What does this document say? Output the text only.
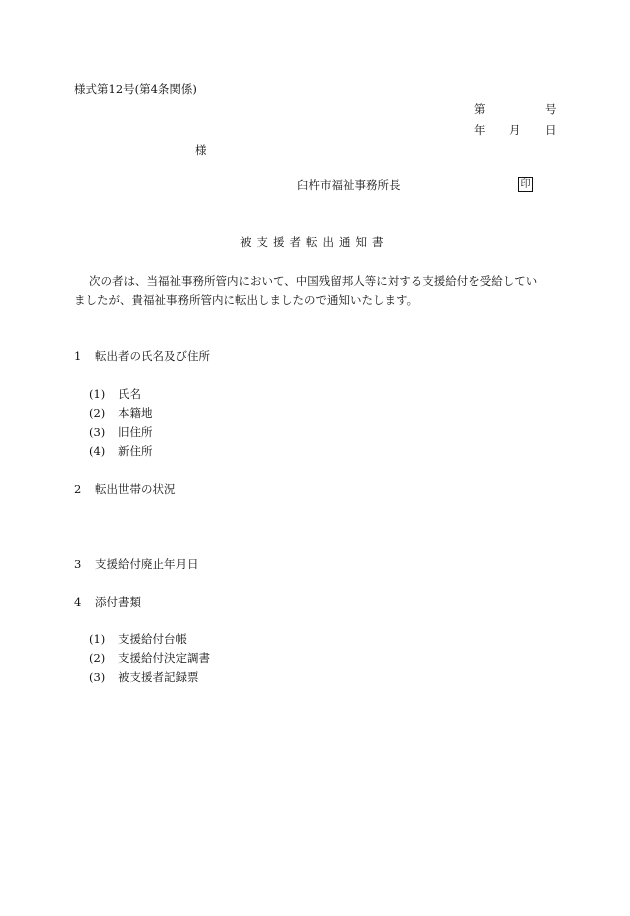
様式第12号(第4条関係)
第	号
年 月 日
様
臼杵市福祉事務所長	印
被支援者転出通知書
次の者は、当福祉事務所管内において、中国残留邦人等に対する支援給付を受給してい
ましたが、貴福祉事務所管内に転出しましたので通知いたします。
1 転出者の氏名及び住所
(1) 氏名
(2) 本籍地
(3) 旧住所
(4) 新住所
2 転出世帯の状況
3 支援給付廃止年月日
4 添付書類
(1) 支援給付台帳
(2) 支援給付決定調書
(3) 被支援者記録票
